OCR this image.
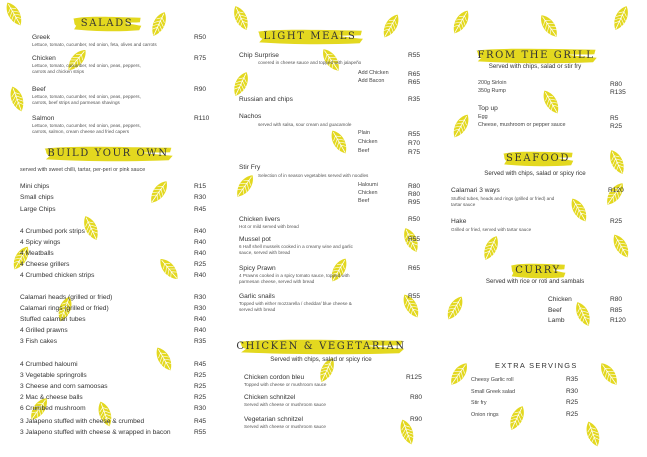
SALADS
Greek	R50
Lettuce, tomato, cucumber, red onion, feta, olives and carrots
Chicken	R75
Lettuce, tomato, cucumber, red onion, peas, peppers,
carrots and chicken strips
Beef	R90
Lettuce, tomato, cucumber, red onion, peas, peppers,
carrots, beef strips and parmesan shavings
Salmon	R110
Lettuce, tomato, cucumber, red onion, peas, peppers,
carrots, salmon, cream cheese and fried capers
BUILD YOUR OWN
served with sweet chilli, tartar, per-peri or pink sauce
Mini chips	R15
Small chips	R30
Large Chips	R45
4 Crumbed pork strips	R40
4 Spicy wings	R40
4 Meatballs	R40
4 Cheese grillers	R25
4 Crumbed chicken strips	R40
Calamari heads (grilled or fried)	R30
Calamari rings (grilled or fried)	R30
Stuffed calamari tubes	R40
4 Grilled prawns	R40
3 Fish cakes	R35
4 Crumbed haloumi	R45
3 Vegetable springrolls	R25
3 Cheese and corn samoosas	R25
2 Mac & cheese balls	R25
6 Crumbed mushroom	R30
3 Jalapeno stuffed with cheese & crumbed	R45
3 Jalapeno stuffed with cheese & wrapped in bacon	R55
LIGHT MEALS
Chip Surprise	R55
covered in cheese sauce and topped with jalapeño
Add Chicken	R65
Add Bacon	R65
Russian and chips	R35
Nachos
served with salsa, sour cream and guacamole
Plain	R55
Chicken	R70
Beef	R75
Stir Fry
Selection of in season vegetables served with noodles
Haloumi	R80
Chicken	R80
Beef	R95
Chicken livers	R50
Hot or mild served with bread
Mussel pot	R55
6 Half shell mussels cooked in a creamy wine and garlic
sauce, served with bread
Spicy Prawn	R65
4 Prawns cooked in a spicy tomato sauce, topped with
parmesan cheese, served with bread
Garlic snails	R55
Topped with either mozzarella / cheddar/ blue cheese &
served with bread
CHICKEN & VEGETARIAN
Served with chips, salad or spicy rice
Chicken cordon bleu	R125
Topped with cheese or mushroom sauce
Chicken schnitzel	R80
Served with cheese or mushroom sauce
Vegetarian schnitzel	R90
Served with cheese or mushroom sauce
FROM THE GRILL
Served with chips, salad or stir fry
200g Sirloin	R80
350g Rump	R135
Top up
Egg	R5
Cheese, mushroom or pepper sauce	R25
SEAFOOD
Served with chips, salad or spicy rice
Calamari 3 ways	R120
Stuffed tubes, heads and rings (grilled or fried) and
tartar sauce
Hake	R25
Grilled or fried, served with tartar sauce
CURRY
Served with rice or roti and sambals
Chicken	R80
Beef	R85
Lamb	R120
EXTRA SERVINGS
Cheesy Garlic roll	R35
Small Greek salad	R30
Stir fry	R25
Onion rings	R25
